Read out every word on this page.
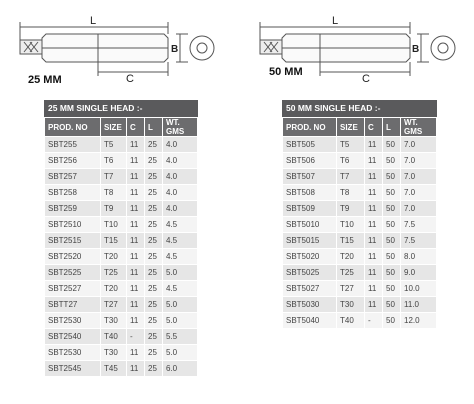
L
C
B
25 MM
L
C
B
50 MM
25 MM SINGLE HEAD :-
PROD. NO	SIZE	C	L	WT. GMS
SBT255	T5	11	25	4.0
SBT256	T6	11	25	4.0
SBT257	T7	11	25	4.0
SBT258	T8	11	25	4.0
SBT259	T9	11	25	4.0
SBT2510	T10	11	25	4.5
SBT2515	T15	11	25	4.5
SBT2520	T20	11	25	4.5
SBT2525	T25	11	25	5.0
SBT2527	T20	11	25	4.5
SBTT27	T27	11	25	5.0
SBT2530	T30	11	25	5.0
SBT2540	T40	-	25	5.5
SBT2530	T30	11	25	5.0
SBT2545	T45	11	25	6.0
50 MM SINGLE HEAD :-
PROD. NO	SIZE	C	L	WT. GMS
SBT505	T5	11	50	7.0
SBT506	T6	11	50	7.0
SBT507	T7	11	50	7.0
SBT508	T8	11	50	7.0
SBT509	T9	11	50	7.0
SBT5010	T10	11	50	7.5
SBT5015	T15	11	50	7.5
SBT5020	T20	11	50	8.0
SBT5025	T25	11	50	9.0
SBT5027	T27	11	50	10.0
SBT5030	T30	11	50	11.0
SBT5040	T40	-	50	12.0
